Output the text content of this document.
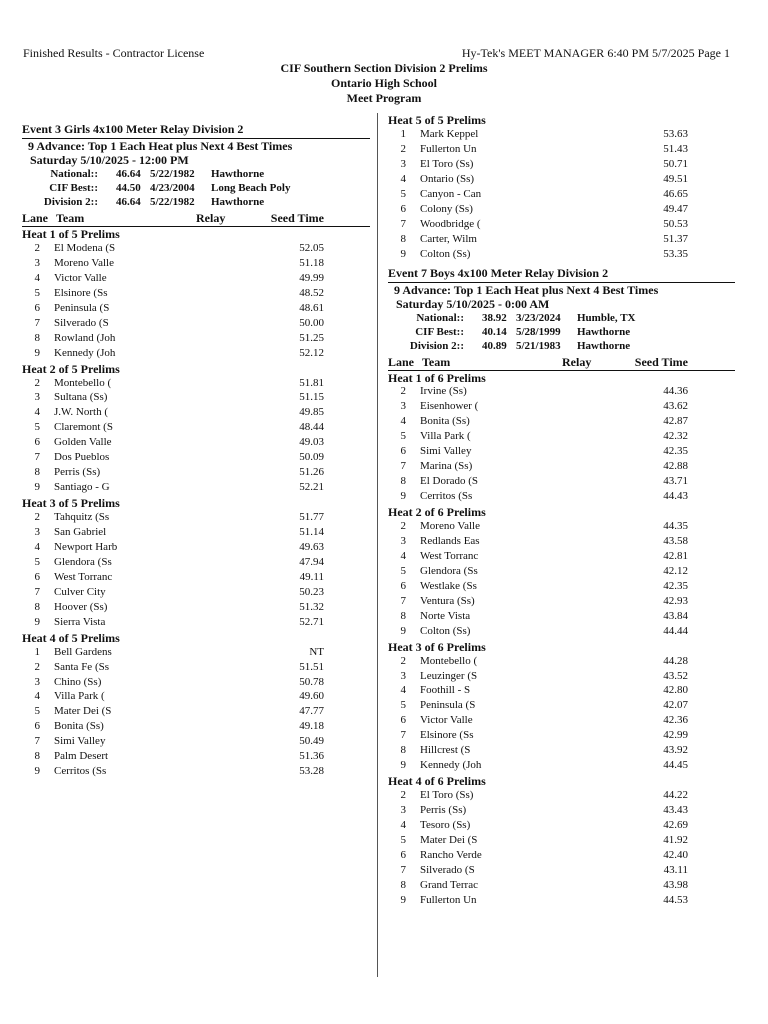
Finished Results - Contractor License	Hy-Tek's MEET MANAGER 6:40 PM 5/7/2025 Page 1
CIF Southern Section Division 2 Prelims
Ontario High School
Meet Program
Event 3 Girls 4x100 Meter Relay Division 2
9 Advance: Top 1 Each Heat plus Next 4 Best Times
Saturday 5/10/2025 - 12:00 PM
National:: 46.64 5/22/1982 Hawthorne
CIF Best:: 44.50 4/23/2004 Long Beach Poly
Division 2:: 46.64 5/22/1982 Hawthorne
Lane Team	Relay	Seed Time
Heat 1 of 5 Prelims
2 El Modena (S	52.05
3 Moreno Valle	51.18
4 Victor Valle	49.99
5 Elsinore (Ss	48.52
6 Peninsula (S	48.61
7 Silverado (S	50.00
8 Rowland (Joh	51.25
9 Kennedy (Joh	52.12
Heat 2 of 5 Prelims
2 Montebello (	51.81
3 Sultana (Ss)	51.15
4 J.W. North (	49.85
5 Claremont (S	48.44
6 Golden Valle	49.03
7 Dos Pueblos	50.09
8 Perris (Ss)	51.26
9 Santiago - G	52.21
Heat 3 of 5 Prelims
2 Tahquitz (Ss	51.77
3 San Gabriel	51.14
4 Newport Harb	49.63
5 Glendora (Ss	47.94
6 West Torranc	49.11
7 Culver City	50.23
8 Hoover (Ss)	51.32
9 Sierra Vista	52.71
Heat 4 of 5 Prelims
1 Bell Gardens	NT
2 Santa Fe (Ss	51.51
3 Chino (Ss)	50.78
4 Villa Park (	49.60
5 Mater Dei (S	47.77
6 Bonita (Ss)	49.18
7 Simi Valley	50.49
8 Palm Desert	51.36
9 Cerritos (Ss	53.28
Heat 5 of 5 Prelims
1 Mark Keppel	53.63
2 Fullerton Un	51.43
3 El Toro (Ss)	50.71
4 Ontario (Ss)	49.51
5 Canyon - Can	46.65
6 Colony (Ss)	49.47
7 Woodbridge (	50.53
8 Carter, Wilm	51.37
9 Colton (Ss)	53.35
Event 7 Boys 4x100 Meter Relay Division 2
9 Advance: Top 1 Each Heat plus Next 4 Best Times
Saturday 5/10/2025 - 0:00 AM
National:: 38.92 3/23/2024 Humble, TX
CIF Best:: 40.14 5/28/1999 Hawthorne
Division 2:: 40.89 5/21/1983 Hawthorne
Lane Team	Relay	Seed Time
Heat 1 of 6 Prelims
2 Irvine (Ss)	44.36
3 Eisenhower (	43.62
4 Bonita (Ss)	42.87
5 Villa Park (	42.32
6 Simi Valley	42.35
7 Marina (Ss)	42.88
8 El Dorado (S	43.71
9 Cerritos (Ss	44.43
Heat 2 of 6 Prelims
2 Moreno Valle	44.35
3 Redlands Eas	43.58
4 West Torranc	42.81
5 Glendora (Ss	42.12
6 Westlake (Ss	42.35
7 Ventura (Ss)	42.93
8 Norte Vista	43.84
9 Colton (Ss)	44.44
Heat 3 of 6 Prelims
2 Montebello (	44.28
3 Leuzinger (S	43.52
4 Foothill - S	42.80
5 Peninsula (S	42.07
6 Victor Valle	42.36
7 Elsinore (Ss	42.99
8 Hillcrest (S	43.92
9 Kennedy (Joh	44.45
Heat 4 of 6 Prelims
2 El Toro (Ss)	44.22
3 Perris (Ss)	43.43
4 Tesoro (Ss)	42.69
5 Mater Dei (S	41.92
6 Rancho Verde	42.40
7 Silverado (S	43.11
8 Grand Terrac	43.98
9 Fullerton Un	44.53
